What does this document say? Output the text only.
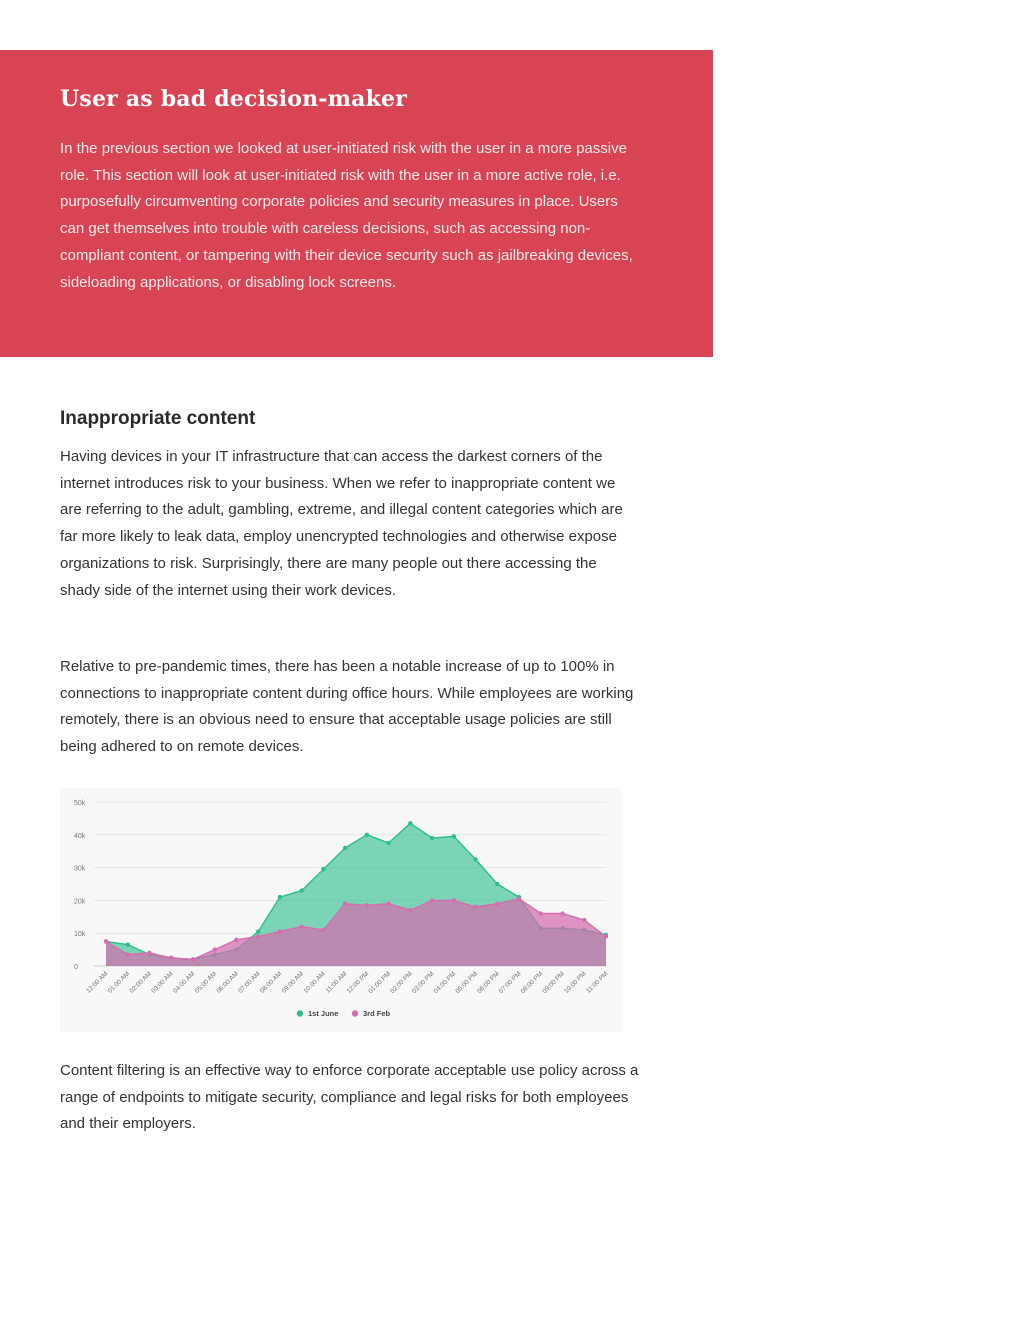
User as bad decision-maker

In the previous section we looked at user-initiated risk with the user in a more passive role. This section will look at user-initiated risk with the user in a more active role, i.e. purposefully circumventing corporate policies and security measures in place. Users can get themselves into trouble with careless decisions, such as accessing non-compliant content, or tampering with their device security such as jailbreaking devices, sideloading applications, or disabling lock screens.

Inappropriate content

Having devices in your IT infrastructure that can access the darkest corners of the internet introduces risk to your business. When we refer to inappropriate content we are referring to the adult, gambling, extreme, and illegal content categories which are far more likely to leak data, employ unencrypted technologies and otherwise expose organizations to risk. Surprisingly, there are many people out there accessing the shady side of the internet using their work devices.

Relative to pre-pandemic times, there has been a notable increase of up to 100% in connections to inappropriate content during office hours. While employees are working remotely, there is an obvious need to ensure that acceptable usage policies are still being adhered to on remote devices.

0
10k
20k
30k
40k
50k
12:00 AM
01:00 AM
02:00 AM
03:00 AM
04:00 AM
05:00 AM
06:00 AM
07:00 AM
08:00 AM
09:00 AM
10:00 AM
11:00 AM
12:00 PM
01:00 PM
02:00 PM
03:00 PM
04:00 PM
05:00 PM
06:00 PM
07:00 PM
08:00 PM
09:00 PM
10:00 PM
11:00 PM
1st June	3rd Feb

Content filtering is an effective way to enforce corporate acceptable use policy across a range of endpoints to mitigate security, compliance and legal risks for both employees and their employers.
